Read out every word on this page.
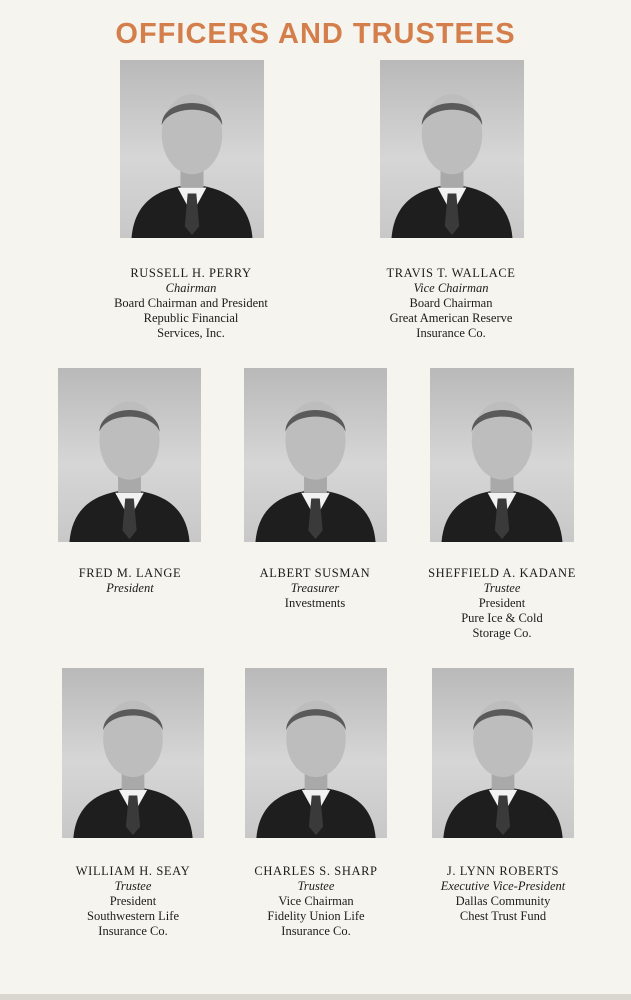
OFFICERS AND TRUSTEES
RUSSELL H. PERRY
Chairman
Board Chairman and President
Republic Financial
Services, Inc.
TRAVIS T. WALLACE
Vice Chairman
Board Chairman
Great American Reserve
Insurance Co.
FRED M. LANGE
President
ALBERT SUSMAN
Treasurer
Investments
SHEFFIELD A. KADANE
Trustee
President
Pure Ice & Cold
Storage Co.
WILLIAM H. SEAY
Trustee
President
Southwestern Life
Insurance Co.
CHARLES S. SHARP
Trustee
Vice Chairman
Fidelity Union Life
Insurance Co.
J. LYNN ROBERTS
Executive Vice-President
Dallas Community
Chest Trust Fund
